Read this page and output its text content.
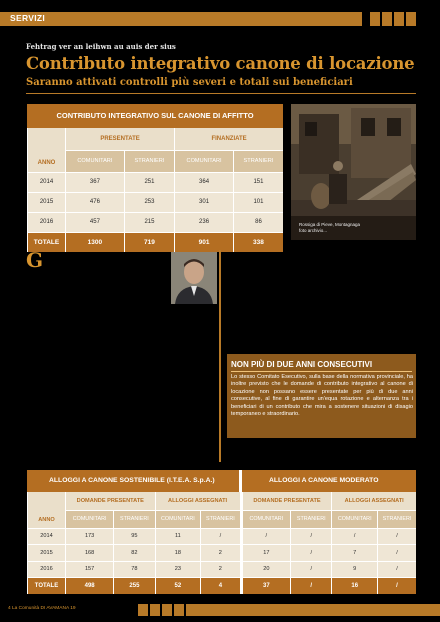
SERVIZI
Fehtrag ver an leihwn au auis der sius
Contributo integrativo canone di locazione
Saranno attivati controlli più severi e totali sui beneficiari
CONTRIBUTO INTEGRATIVO SUL CANONE DI AFFITTO
ANNO	PRESENTATE		FINANZIATE	
	COMUNITARI	STRANIERI	COMUNITARI	STRANIERI
2014	367	251	364	151
2015	476	253	301	101
2016	457	215	236	86
TOTALE	1300	719	901	338
Rossiga di Pieve, Montagnaga
foto archivio...
G
NON PIÙ DI DUE ANNI CONSECUTIVI
Lo stesso Comitato Esecutivo, sulla base della normativa provinciale, ha inoltre previsto che le domande di contributo integrativo al canone di locazione non possano essere presentate per più di due anni consecutive, al fine di garantire un'equa rotazione e alternanza tra i beneficiari di un contributo che mira a sostenere situazioni di disagio temporaneo e straordinario.
ALLOGGI A CANONE SOSTENIBILE (I.T.E.A. S.p.A.)	ALLOGGI A CANONE MODERATO
ANNO	DOMANDE PRESENTATE		ALLOGGI ASSEGNATI		DOMANDE PRESENTATE		ALLOGGI ASSEGNATI	
	COMUNITARI	STRANIERI	COMUNITARI	STRANIERI	COMUNITARI	STRANIERI	COMUNITARI	STRANIERI
2014	173	95	11	/	/	/	/	/
2015	168	82	18	2	17	/	7	/
2016	157	78	23	2	20	/	9	/
TOTALE	498	255	52	4	37	/	16	/
4 La Comunità DI AVAMANA 19
